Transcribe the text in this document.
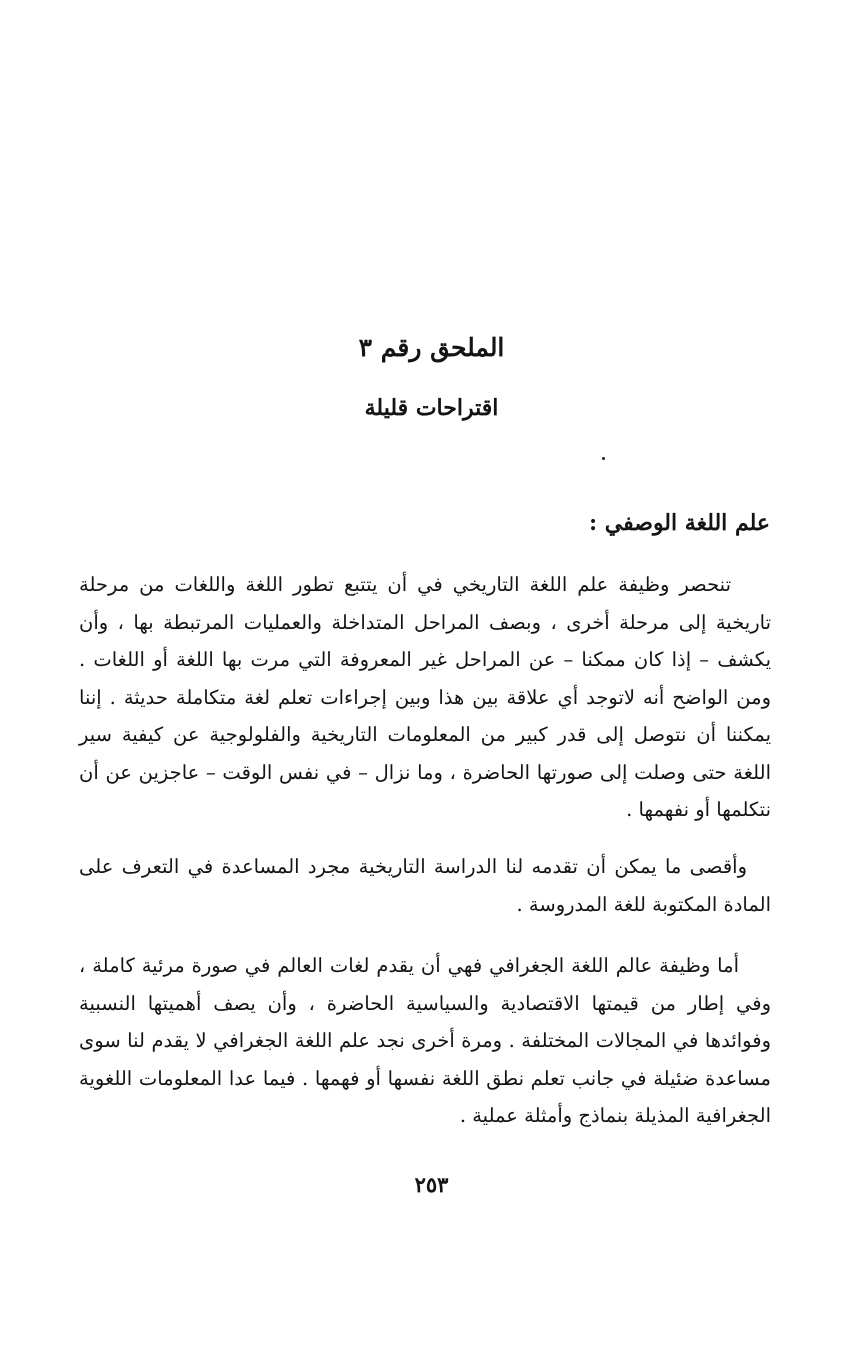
الملحق رقم ٣
اقتراحات قليلة
علم اللغة الوصفي :

تنحصر وظيفة علم اللغة التاريخي في أن يتتبع تطور اللغة واللغات من مرحلة تاريخية إلى مرحلة أخرى ، وبصف المراحل المتداخلة والعمليات المرتبطة بها ، وأن يكشف – إذا كان ممكنا – عن المراحل غير المعروفة التي مرت بها اللغة أو اللغات . ومن الواضح أنه لاتوجد أي علاقة بين هذا وبين إجراءات تعلم لغة متكاملة حديثة . إننا يمكننا أن نتوصل إلى قدر كبير من المعلومات التاريخية والفلولوجية عن كيفية سير اللغة حتى وصلت إلى صورتها الحاضرة ، وما نزال – في نفس الوقت – عاجزين عن أن نتكلمها أو نفهمها .

وأقصى ما يمكن أن تقدمه لنا الدراسة التاريخية مجرد المساعدة في التعرف على المادة المكتوبة للغة المدروسة .

أما وظيفة عالم اللغة الجغرافي فهي أن يقدم لغات العالم في صورة مرئية كاملة ، وفي إطار من قيمتها الاقتصادية والسياسية الحاضرة ، وأن يصف أهميتها النسبية وفوائدها في المجالات المختلفة . ومرة أخرى نجد علم اللغة الجغرافي لا يقدم لنا سوى مساعدة ضئيلة في جانب تعلم نطق اللغة نفسها أو فهمها . فيما عدا المعلومات اللغوية الجغرافية المذيلة بنماذج وأمثلة عملية .

٢٥٣
